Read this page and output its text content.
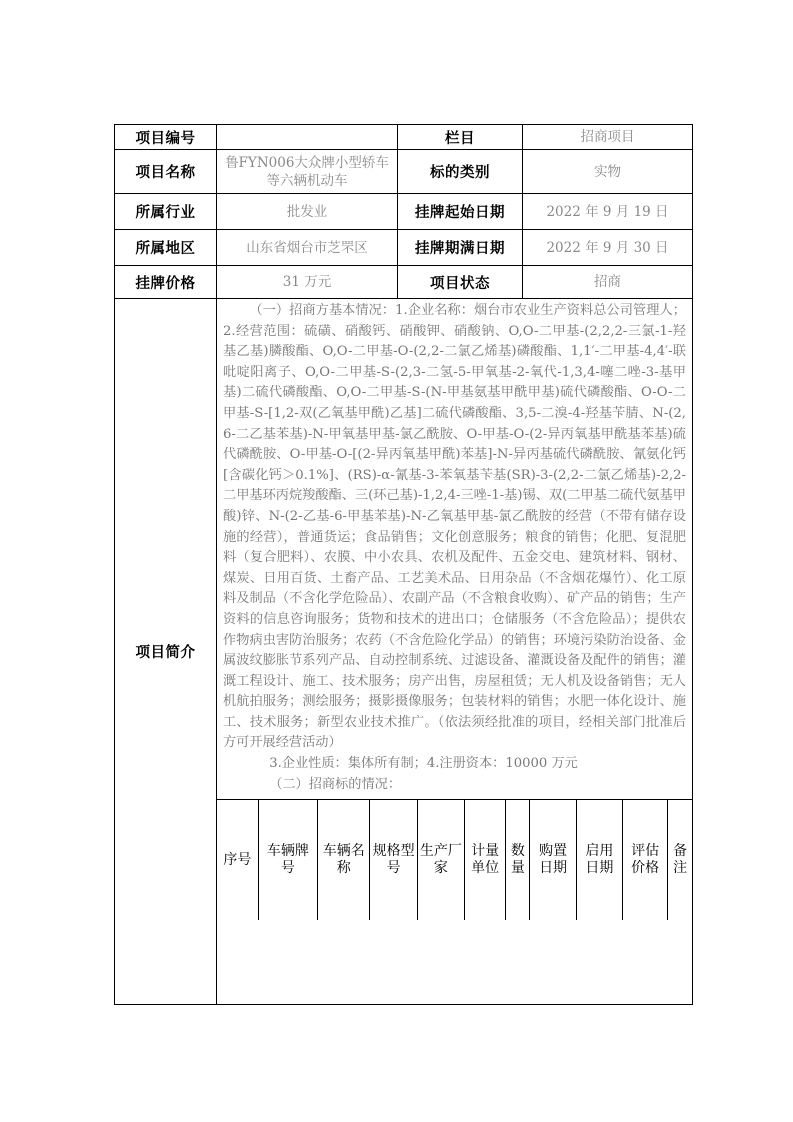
项目编号		栏目	招商项目
项目名称	鲁FYN006大众牌小型轿车等六辆机动车	标的类别	实物
所属行业	批发业	挂牌起始日期	2022 年 9 月 19 日
所属地区	山东省烟台市芝罘区	挂牌期满日期	2022 年 9 月 30 日
挂牌价格	31 万元	项目状态	招商
项目简介	

（一）招商方基本情况：1.企业名称：烟台市农业生产资料总公司管理人；2.经营范围：硫磺、硝酸钙、硝酸钾、硝酸钠、O,O-二甲基-(2,2,2-三氯-1-羟基乙基)膦酸酯、O,O-二甲基-O-(2,2-二氯乙烯基)磷酸酯、1,1′-二甲基-4,4′-联吡啶阳离子、O,O-二甲基-S-(2,3-二氢-5-甲氧基-2-氧代-1,3,4-噻二唑-3-基甲基)二硫代磷酸酯、O,O-二甲基-S-(N-甲基氨基甲酰甲基)硫代磷酸酯、O-O-二甲基-S-[1,2-双(乙氧基甲酰)乙基]二硫代磷酸酯、3,5-二溴-4-羟基苄腈、N-(2,6-二乙基苯基)-N-甲氧基甲基-氯乙酰胺、O-甲基-O-(2-异丙氧基甲酰基苯基)硫代磷酰胺、O-甲基-O-[(2-异丙氧基甲酰)苯基]-N-异丙基硫代磷酰胺、氰氨化钙[含碳化钙＞0.1%]、(RS)-α-氰基-3-苯氧基苄基(SR)-3-(2,2-二氯乙烯基)-2,2-二甲基环丙烷羧酸酯、三(环己基)-1,2,4-三唑-1-基)锡、双(二甲基二硫代氨基甲酸)锌、N-(2-乙基-6-甲基苯基)-N-乙氧基甲基-氯乙酰胺的经营（不带有储存设施的经营），普通货运；食品销售；文化创意服务；粮食的销售；化肥、复混肥料（复合肥料）、农膜、中小农具、农机及配件、五金交电、建筑材料、钢材、煤炭、日用百货、土畜产品、工艺美术品、日用杂品（不含烟花爆竹）、化工原料及制品（不含化学危险品）、农副产品（不含粮食收购）、矿产品的销售；生产资料的信息咨询服务；货物和技术的进出口；仓储服务（不含危险品）；提供农作物病虫害防治服务；农药（不含危险化学品）的销售；环境污染防治设备、金属波纹膨胀节系列产品、自动控制系统、过滤设备、灌溉设备及配件的销售；灌溉工程设计、施工、技术服务；房产出售，房屋租赁；无人机及设备销售；无人机航拍服务；测绘服务；摄影摄像服务；包装材料的销售；水肥一体化设计、施工、技术服务；新型农业技术推广。（依法须经批准的项目，经相关部门批准后方可开展经营活动）

3.企业性质：集体所有制；4.注册资本：10000 万元

（二）招商标的情况：

序号	车辆牌号	车辆名称	规格型号	生产厂家	计量单位	数量	购置日期	启用日期	评估价格	备注
